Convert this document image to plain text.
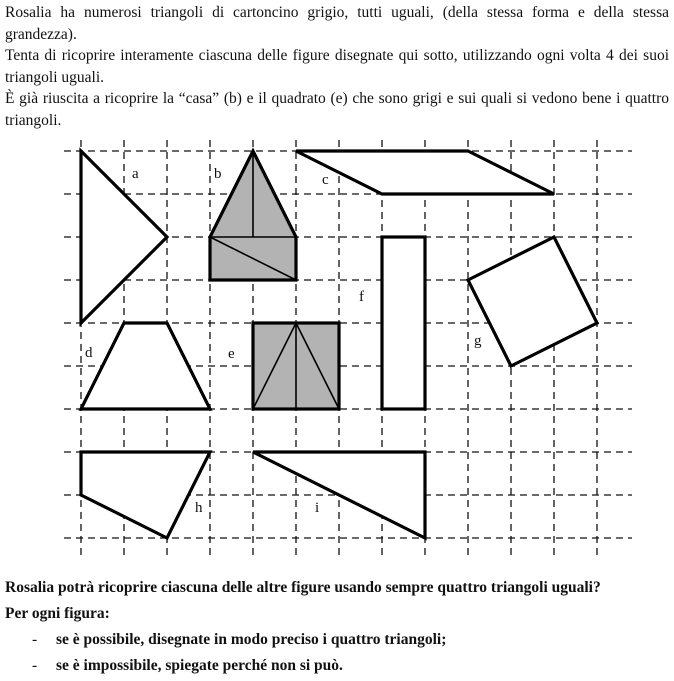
Rosalia ha numerosi triangoli di cartoncino grigio, tutti uguali, (della stessa forma e della stessa grandezza).

Tenta di ricoprire interamente ciascuna delle figure disegnate qui sotto, utilizzando ogni volta 4 dei suoi triangoli uguali.

È già riuscita a ricoprire la “casa” (b) e il quadrato (e) che sono grigi e sui quali si vedono bene i quattro triangoli.

a	b	c
f
g
d	e
h	i
Rosalia potrà ricoprire ciascuna delle altre figure usando sempre quattro triangoli uguali?
Per ogni figura:
- se è possibile, disegnate in modo preciso i quattro triangoli;
- se è impossibile, spiegate perché non si può.
